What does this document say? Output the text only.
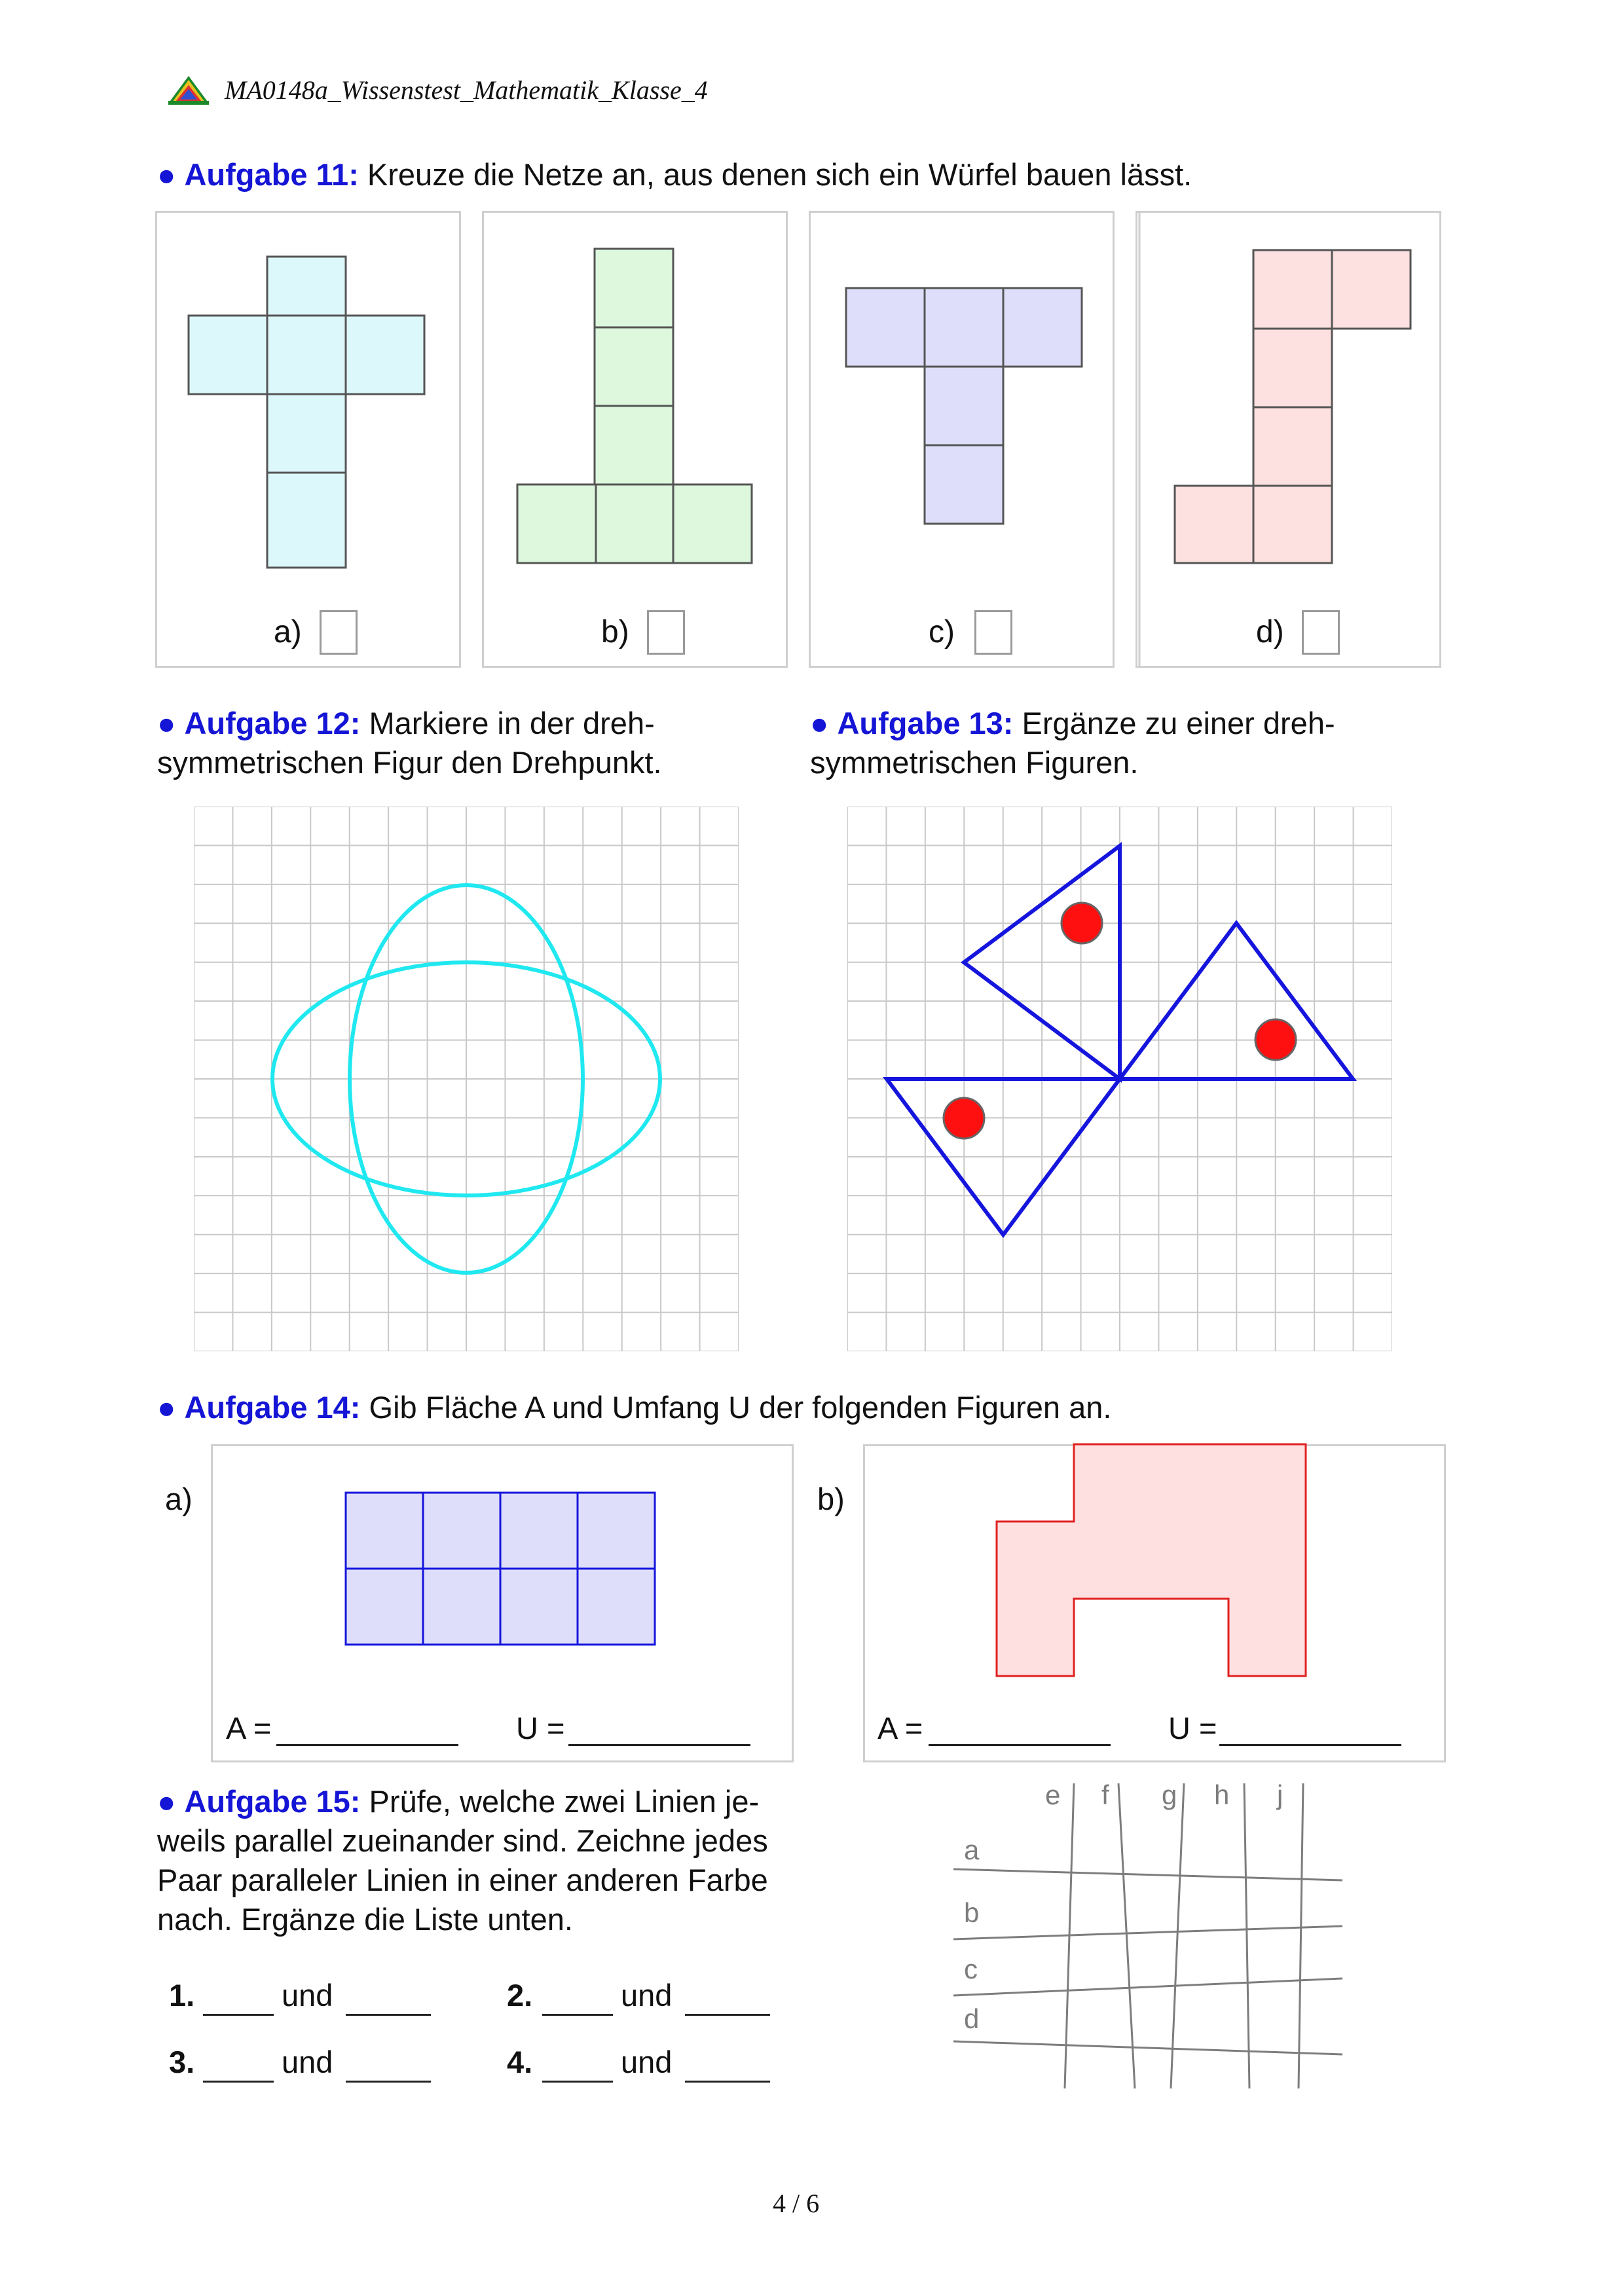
MA0148a_Wissenstest_Mathematik_Klasse_4
● Aufgabe 11: Kreuze die Netze an, aus denen sich ein Würfel bauen lässt.
a)	b)	c)	d)
● Aufgabe 12: Markiere in der dreh-
symmetrischen Figur den Drehpunkt.
● Aufgabe 13: Ergänze zu einer dreh-
symmetrischen Figuren.
● Aufgabe 14: Gib Fläche A und Umfang U der folgenden Figuren an.
a)	b)
A =	U =	A =	U =
● Aufgabe 15: Prüfe, welche zwei Linien je-
weils parallel zueinander sind. Zeichne jedes
Paar paralleler Linien in einer anderen Farbe
nach. Ergänze die Liste unten.
1.	und	2.	und
3.	und	4.	und
a
b
c
d
e f g h j
4 / 6
